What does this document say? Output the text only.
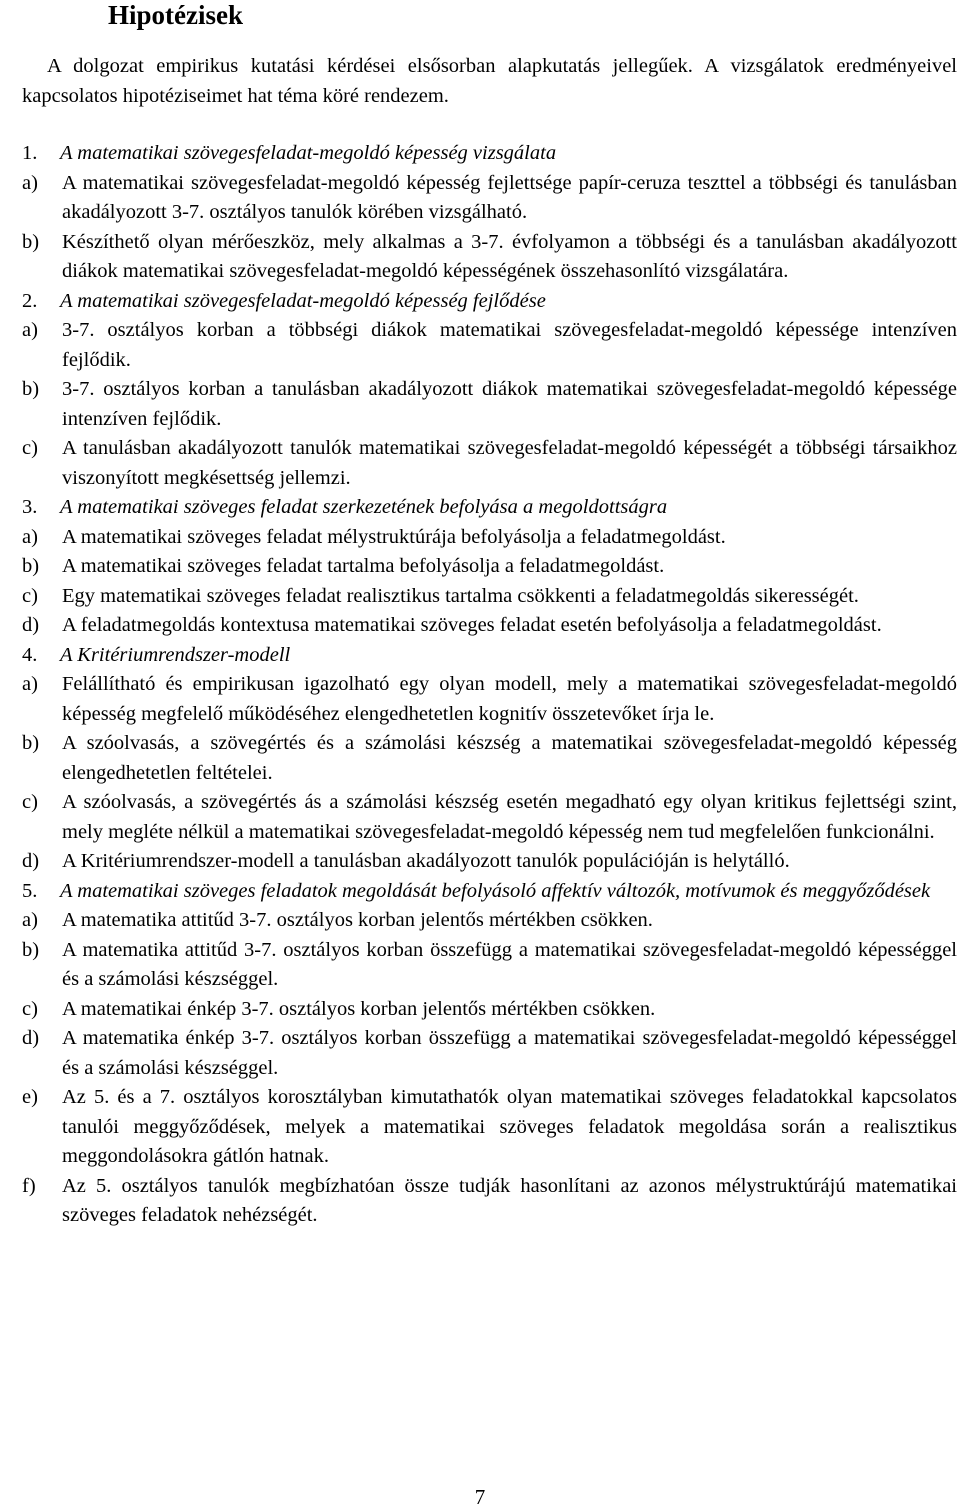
Hipotézisek

A dolgozat empirikus kutatási kérdései elsősorban alapkutatás jellegűek. A vizsgálatok eredményeivel kapcsolatos hipotéziseimet hat téma köré rendezem.

1.	A matematikai szövegesfeladat-megoldó képesség vizsgálata
a)	A matematikai szövegesfeladat-megoldó képesség fejlettsége papír-ceruza teszttel a többségi és tanulásban akadályozott 3-7. osztályos tanulók körében vizsgálható.
b)	Készíthető olyan mérőeszköz, mely alkalmas a 3-7. évfolyamon a többségi és a tanulásban akadályozott diákok matematikai szövegesfeladat-megoldó képességének összehasonlító vizsgálatára.
2.	A matematikai szövegesfeladat-megoldó képesség fejlődése
a)	3-7. osztályos korban a többségi diákok matematikai szövegesfeladat-megoldó képessége intenzíven fejlődik.
b)	3-7. osztályos korban a tanulásban akadályozott diákok matematikai szövegesfeladat-megoldó képessége intenzíven fejlődik.
c)	A tanulásban akadályozott tanulók matematikai szövegesfeladat-megoldó képességét a többségi társaikhoz viszonyított megkésettség jellemzi.
3.	A matematikai szöveges feladat szerkezetének befolyása a megoldottságra
a)	A matematikai szöveges feladat mélystruktúrája befolyásolja a feladatmegoldást.
b)	A matematikai szöveges feladat tartalma befolyásolja a feladatmegoldást.
c)	Egy matematikai szöveges feladat realisztikus tartalma csökkenti a feladatmegoldás sikerességét.
d)	A feladatmegoldás kontextusa matematikai szöveges feladat esetén befolyásolja a feladatmegoldást.
4.	A Kritériumrendszer-modell
a)	Felállítható és empirikusan igazolható egy olyan modell, mely a matematikai szövegesfeladat-megoldó képesség megfelelő működéséhez elengedhetetlen kognitív összetevőket írja le.
b)	A szóolvasás, a szövegértés és a számolási készség a matematikai szövegesfeladat-megoldó képesség elengedhetetlen feltételei.
c)	A szóolvasás, a szövegértés ás a számolási készség esetén megadható egy olyan kritikus fejlettségi szint, mely megléte nélkül a matematikai szövegesfeladat-megoldó képesség nem tud megfelelően funkcionálni.
d)	A Kritériumrendszer-modell a tanulásban akadályozott tanulók populációján is helytálló.
5.	A matematikai szöveges feladatok megoldását befolyásoló affektív változók, motívumok és meggyőződések
a)	A matematika attitűd 3-7. osztályos korban jelentős mértékben csökken.
b)	A matematika attitűd 3-7. osztályos korban összefügg a matematikai szövegesfeladat-megoldó képességgel és a számolási készséggel.
c)	A matematikai énkép 3-7. osztályos korban jelentős mértékben csökken.
d)	A matematika énkép 3-7. osztályos korban összefügg a matematikai szövegesfeladat-megoldó képességgel és a számolási készséggel.
e)	Az 5. és a 7. osztályos korosztályban kimutathatók olyan matematikai szöveges feladatokkal kapcsolatos tanulói meggyőződések, melyek a matematikai szöveges feladatok megoldása során a realisztikus meggondolásokra gátlón hatnak.
f)	Az 5. osztályos tanulók megbízhatóan össze tudják hasonlítani az azonos mélystruktúrájú matematikai szöveges feladatok nehézségét.
7
